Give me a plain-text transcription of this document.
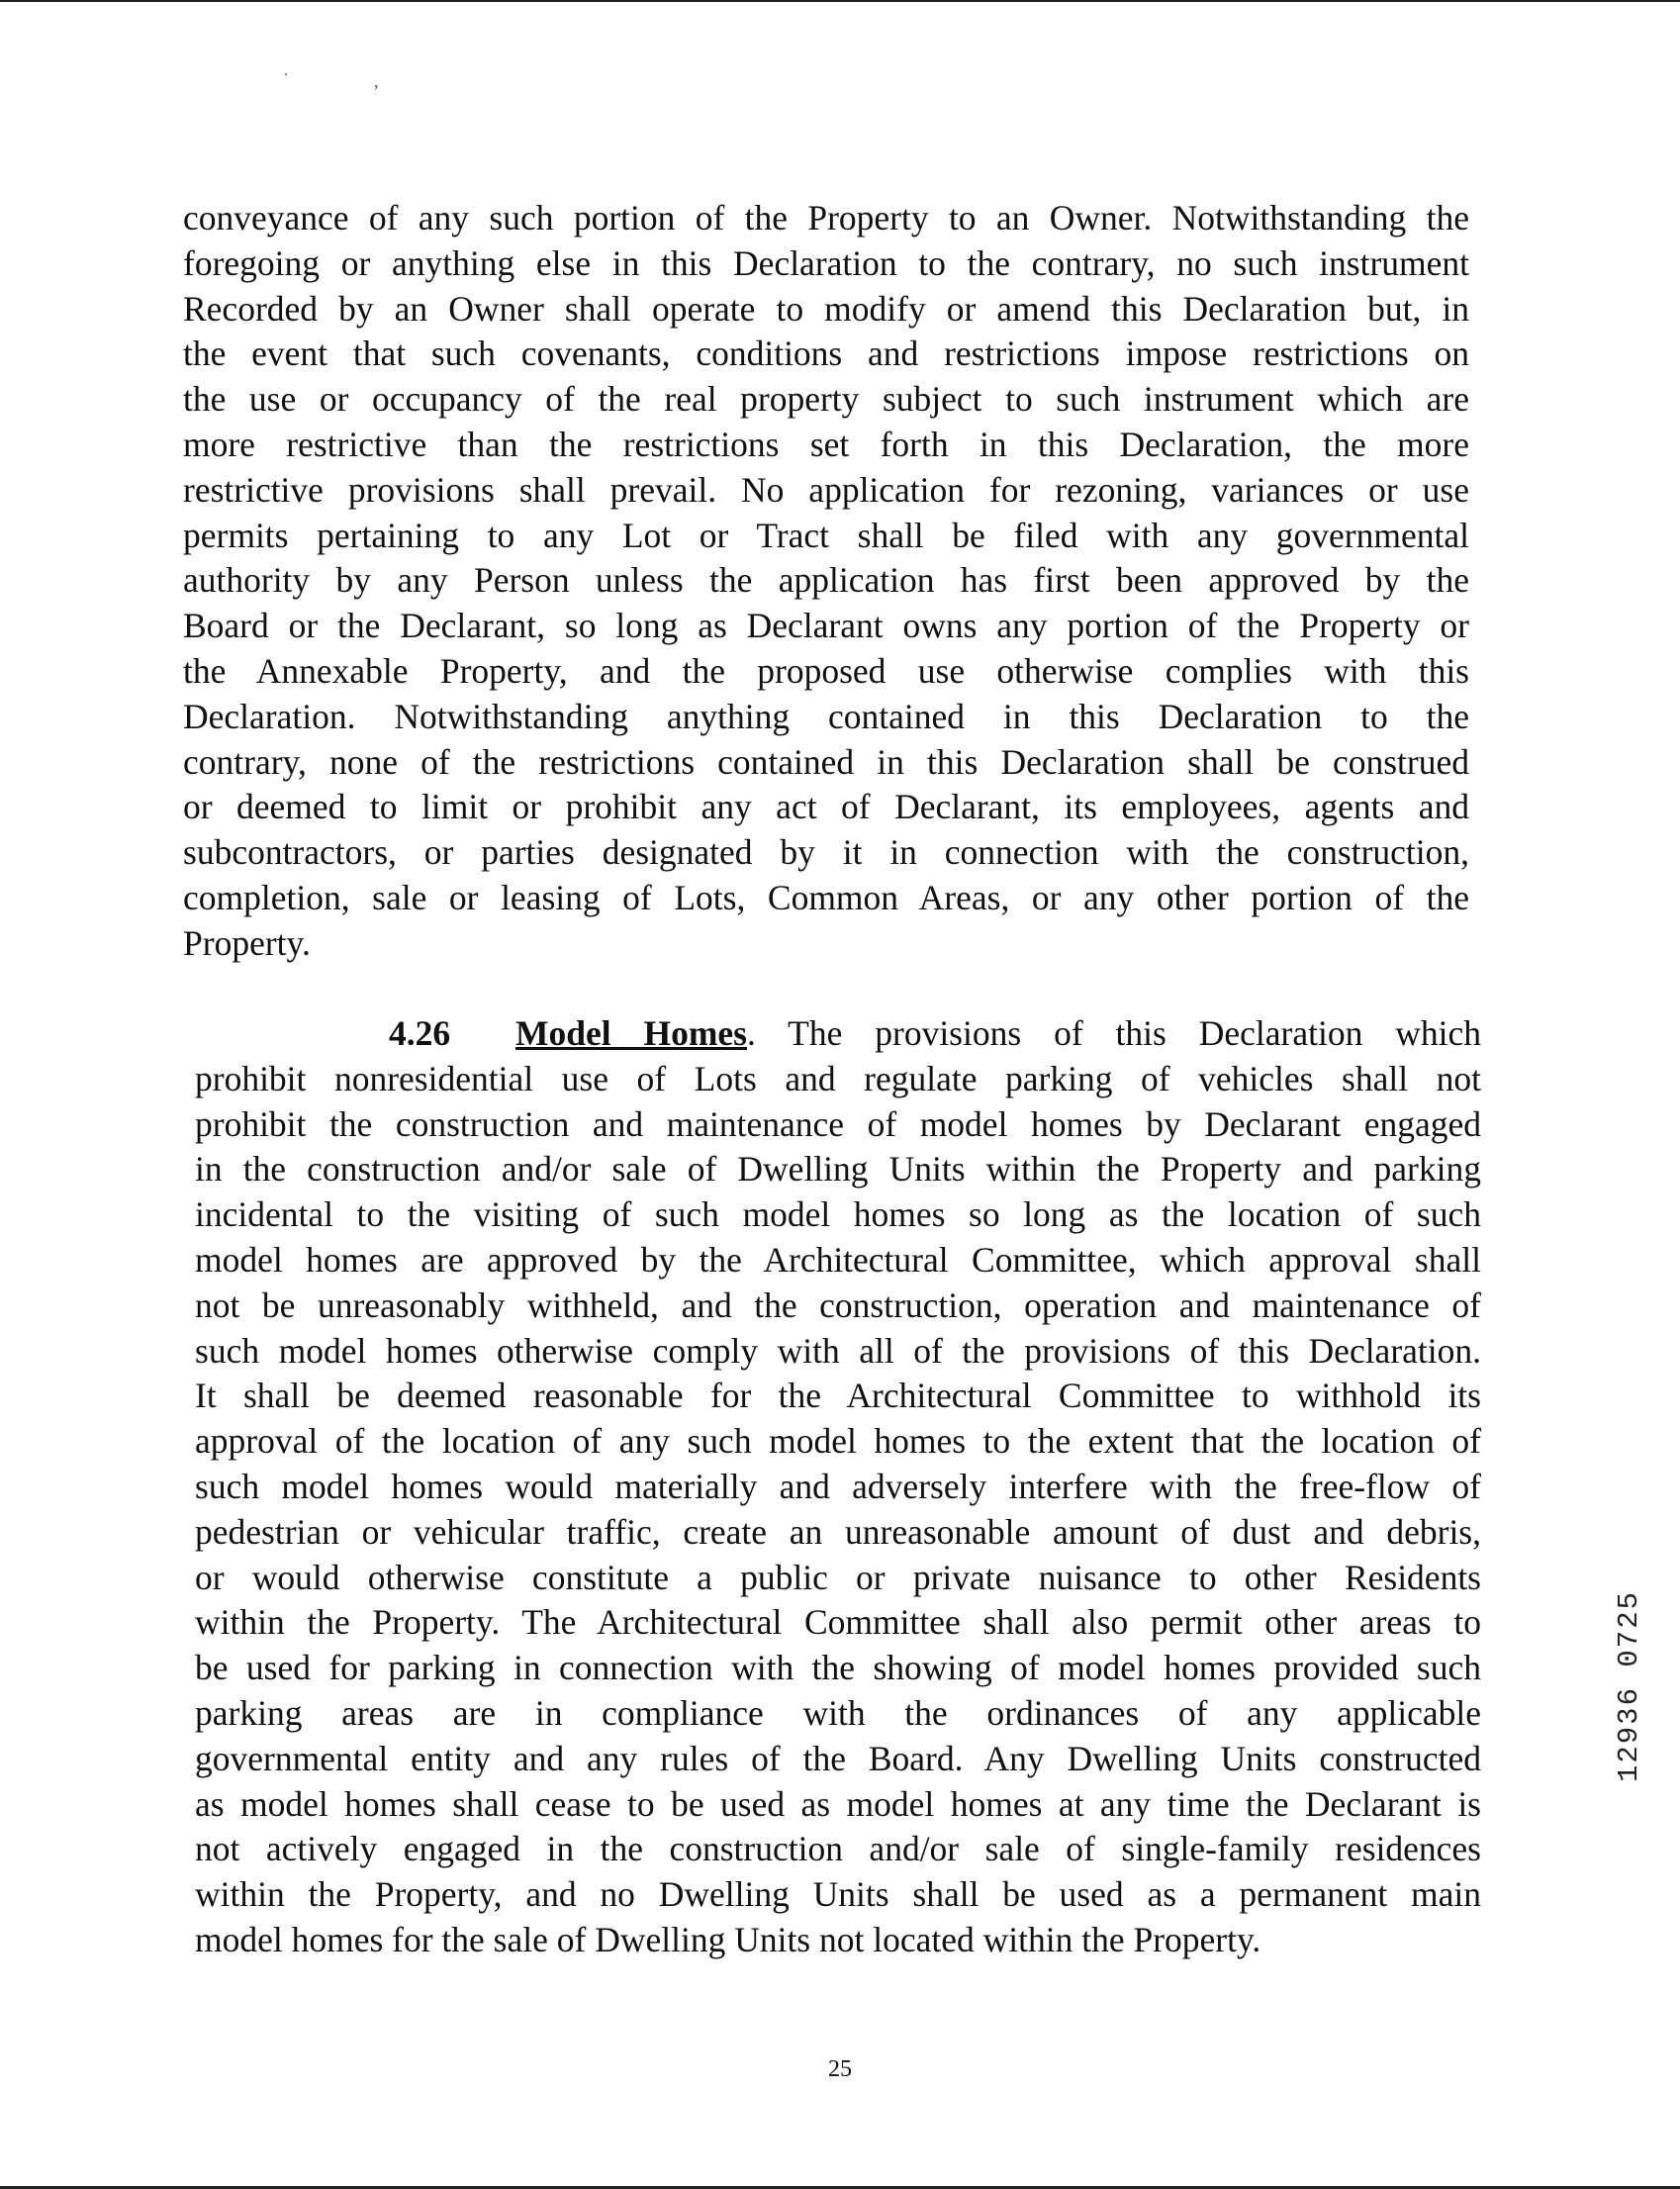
˙	,
conveyance of any such portion of the Property to an Owner. Notwithstanding the
foregoing or anything else in this Declaration to the contrary, no such instrument
Recorded by an Owner shall operate to modify or amend this Declaration but, in
the event that such covenants, conditions and restrictions impose restrictions on
the use or occupancy of the real property subject to such instrument which are
more restrictive than the restrictions set forth in this Declaration, the more
restrictive provisions shall prevail. No application for rezoning, variances or use
permits pertaining to any Lot or Tract shall be filed with any governmental
authority by any Person unless the application has first been approved by the
Board or the Declarant, so long as Declarant owns any portion of the Property or
the Annexable Property, and the proposed use otherwise complies with this
Declaration. Notwithstanding anything contained in this Declaration to the
contrary, none of the restrictions contained in this Declaration shall be construed
or deemed to limit or prohibit any act of Declarant, its employees, agents and
subcontractors, or parties designated by it in connection with the construction,
completion, sale or leasing of Lots, Common Areas, or any other portion of the
Property.
4.26 Model Homes. The provisions of this Declaration which
prohibit nonresidential use of Lots and regulate parking of vehicles shall not
prohibit the construction and maintenance of model homes by Declarant engaged
in the construction and/or sale of Dwelling Units within the Property and parking
incidental to the visiting of such model homes so long as the location of such
model homes are approved by the Architectural Committee, which approval shall
not be unreasonably withheld, and the construction, operation and maintenance of
such model homes otherwise comply with all of the provisions of this Declaration.
It shall be deemed reasonable for the Architectural Committee to withhold its
approval of the location of any such model homes to the extent that the location of
such model homes would materially and adversely interfere with the free-flow of
pedestrian or vehicular traffic, create an unreasonable amount of dust and debris,
or would otherwise constitute a public or private nuisance to other Residents
within the Property. The Architectural Committee shall also permit other areas to
be used for parking in connection with the showing of model homes provided such
parking areas are in compliance with the ordinances of any applicable
governmental entity and any rules of the Board. Any Dwelling Units constructed
as model homes shall cease to be used as model homes at any time the Declarant is
not actively engaged in the construction and/or sale of single-family residences
within the Property, and no Dwelling Units shall be used as a permanent main
model homes for the sale of Dwelling Units not located within the Property.
25
12936 0725
